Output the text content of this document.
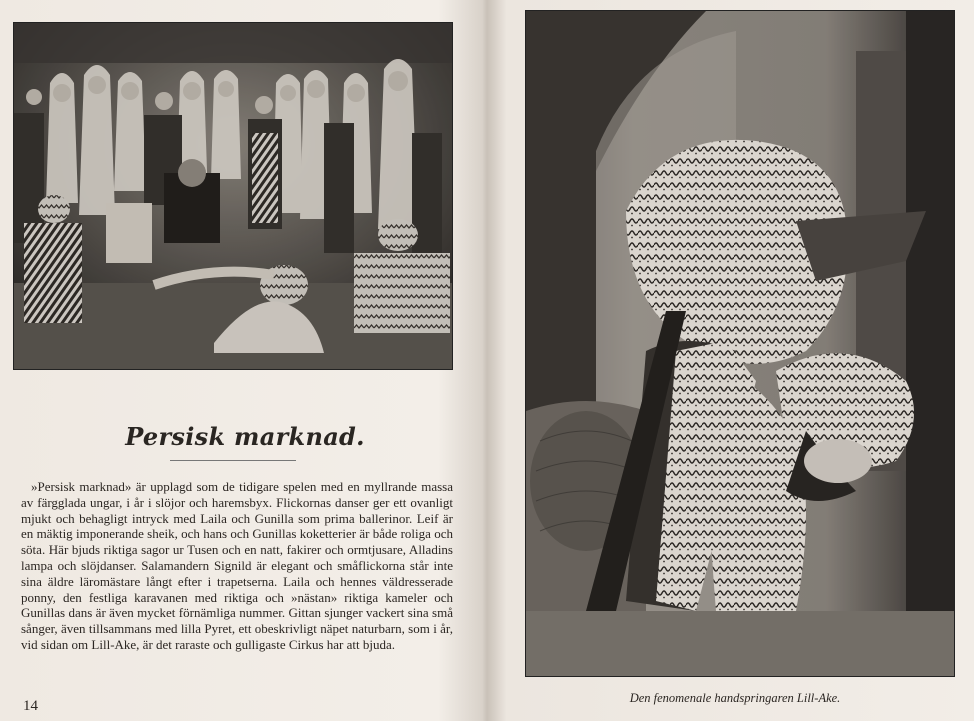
Persisk marknad.
»Persisk marknad» är upplagd som de tidigare spelen med en myllrande massa av färgglada ungar, i år i slöjor och haremsbyx. Flickornas danser ger ett ovanligt mjukt och behagligt intryck med Laila och Gunilla som prima ballerinor. Leif är en mäktig imponerande sheik, och hans och Gunillas koketterier är både roliga och söta. Här bjuds riktiga sagor ur Tusen och en natt, fakirer och ormtjusare, Alladins lampa och slöjdanser. Salamandern Signild är elegant och småflickorna står inte sina äldre läromästare långt efter i trapetserna. Laila och hennes väldresserade ponny, den festliga karavanen med riktiga och »nästan» riktiga kameler och Gunillas dans är även mycket förnämliga nummer. Gittan sjunger vackert sina små sånger, även tillsammans med lilla Pyret, ett obeskrivligt näpet naturbarn, som i år, vid sidan om Lill-Ake, är det raraste och gulligaste Cirkus har att bjuda.
14	Den fenomenale handspringaren Lill-Ake.
